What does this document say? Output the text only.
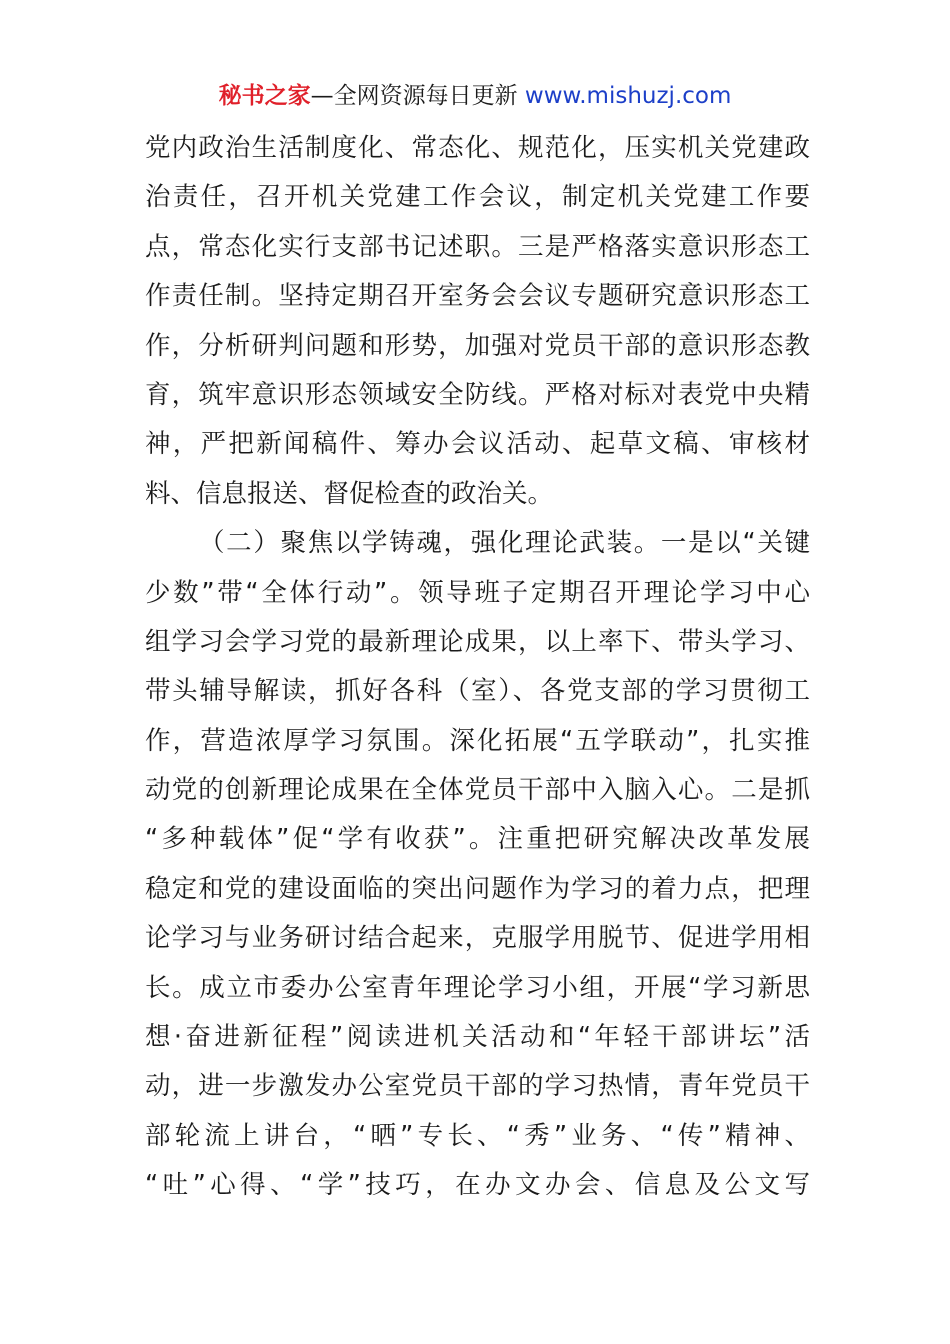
秘书之家—全网资源每日更新 www.mishuzj.com
党内政治生活制度化、常态化、规范化，压实机关党建政
治责任，召开机关党建工作会议，制定机关党建工作要
点，常态化实行支部书记述职。三是严格落实意识形态工
作责任制。坚持定期召开室务会会议专题研究意识形态工
作，分析研判问题和形势，加强对党员干部的意识形态教
育，筑牢意识形态领域安全防线。严格对标对表党中央精
神，严把新闻稿件、筹办会议活动、起草文稿、审核材
料、信息报送、督促检查的政治关。
（二）聚焦以学铸魂，强化理论武装。一是以“关键
少数”带“全体行动”。领导班子定期召开理论学习中心
组学习会学习党的最新理论成果，以上率下、带头学习、
带头辅导解读，抓好各科（室）、各党支部的学习贯彻工
作，营造浓厚学习氛围。深化拓展“五学联动”，扎实推
动党的创新理论成果在全体党员干部中入脑入心。二是抓
“多种载体”促“学有收获”。注重把研究解决改革发展
稳定和党的建设面临的突出问题作为学习的着力点，把理
论学习与业务研讨结合起来，克服学用脱节、促进学用相
长。成立市委办公室青年理论学习小组，开展“学习新思
想·奋进新征程”阅读进机关活动和“年轻干部讲坛”活
动，进一步激发办公室党员干部的学习热情，青年党员干
部轮流上讲台，“晒”专长、“秀”业务、“传”精神、
“吐”心得、“学”技巧，在办文办会、信息及公文写
